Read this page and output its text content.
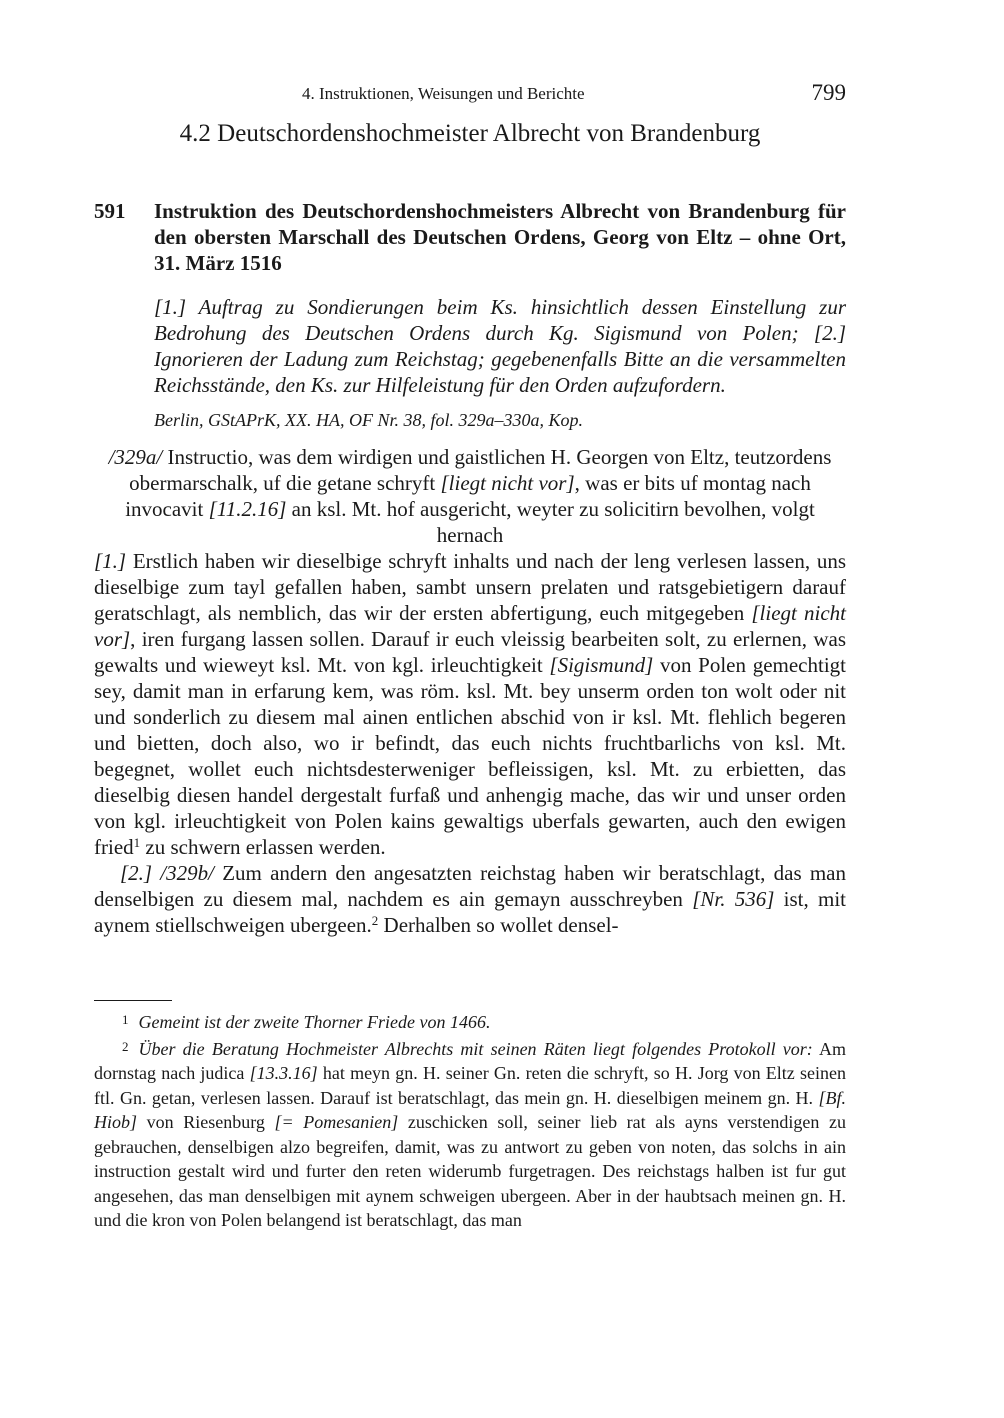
4. Instruktionen, Weisungen und Berichte	799
4.2 Deutschordenshochmeister Albrecht von Brandenburg
591 Instruktion des Deutschordenshochmeisters Albrecht von Brandenburg für den obersten Marschall des Deutschen Ordens, Georg von Eltz – ohne Ort, 31. März 1516
[1.] Auftrag zu Sondierungen beim Ks. hinsichtlich dessen Einstellung zur Bedrohung des Deutschen Ordens durch Kg. Sigismund von Polen; [2.] Ignorieren der Ladung zum Reichstag; gegebenenfalls Bitte an die versammelten Reichsstände, den Ks. zur Hilfeleistung für den Orden aufzufordern.
Berlin, GStAPrK, XX. HA, OF Nr. 38, fol. 329a–330a, Kop.
/329a/ Instructio, was dem wirdigen und gaistlichen H. Georgen von Eltz, teutzordens obermarschalk, uf die getane schryft [liegt nicht vor], was er bits uf montag nach invocavit [11.2.16] an ksl. Mt. hof ausgericht, weyter zu solicitirn bevolhen, volgt hernach

[1.] Erstlich haben wir dieselbige schryft inhalts und nach der leng verlesen lassen, uns dieselbige zum tayl gefallen haben, sambt unsern prelaten und ratsgebietigern darauf geratschlagt, als nemblich, das wir der ersten abfertigung, euch mitgegeben [liegt nicht vor], iren furgang lassen sollen. Darauf ir euch vleissig bearbeiten solt, zu erlernen, was gewalts und wieweyt ksl. Mt. von kgl. irleuchtigkeit [Sigismund] von Polen gemechtigt sey, damit man in erfarung kem, was röm. ksl. Mt. bey unserm orden ton wolt oder nit und sonderlich zu diesem mal ainen entlichen abschid von ir ksl. Mt. flehlich begeren und bietten, doch also, wo ir befindt, das euch nichts fruchtbarlichs von ksl. Mt. begegnet, wollet euch nichtsdesterweniger befleissigen, ksl. Mt. zu erbietten, das dieselbig diesen handel dergestalt furfaß und anhengig mache, das wir und unser orden von kgl. irleuchtigkeit von Polen kains gewaltigs uberfals gewarten, auch den ewigen fried$^1$ zu schwern erlassen werden.

[2.] /329b/ Zum andern den angesatzten reichstag haben wir beratschlagt, das man denselbigen zu diesem mal, nachdem es ain gemayn ausschreyben [Nr. 536] ist, mit aynem stiellschweigen ubergeen.$^2$ Derhalben so wollet densel-

$^1$ Gemeint ist der zweite Thorner Friede von 1466.

$^2$ Über die Beratung Hochmeister Albrechts mit seinen Räten liegt folgendes Protokoll vor: Am dornstag nach judica [13.3.16] hat meyn gn. H. seiner Gn. reten die schryft, so H. Jorg von Eltz seinen ftl. Gn. getan, verlesen lassen. Darauf ist beratschlagt, das mein gn. H. dieselbigen meinem gn. H. [Bf. Hiob] von Riesenburg [= Pomesanien] zuschicken soll, seiner lieb rat als ayns verstendigen zu gebrauchen, denselbigen alzo begreifen, damit, was zu antwort zu geben von noten, das solchs in ain instruction gestalt wird und furter den reten widerumb furgetragen. Des reichstags halben ist fur gut angesehen, das man denselbigen mit aynem schweigen ubergeen. Aber in der haubtsach meinen gn. H. und die kron von Polen belangend ist beratschlagt, das man
